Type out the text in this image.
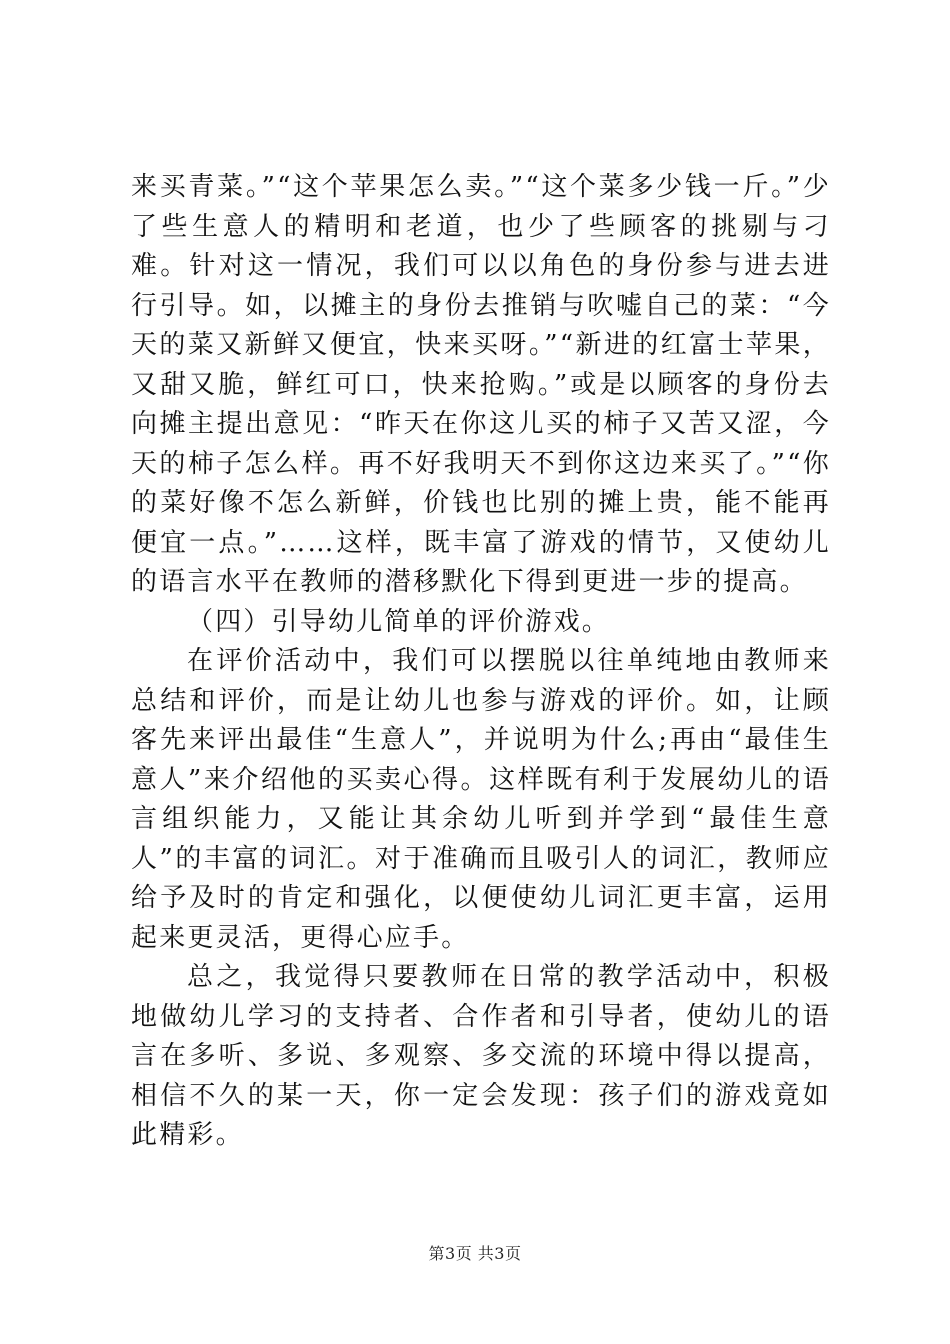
来买青菜。”“这个苹果怎么卖。”“这个菜多少钱一斤。”少了些生意人的精明和老道，也少了些顾客的挑剔与刁难。针对这一情况，我们可以以角色的身份参与进去进行引导。如，以摊主的身份去推销与吹嘘自己的菜：“今天的菜又新鲜又便宜，快来买呀。”“新进的红富士苹果，又甜又脆，鲜红可口，快来抢购。”或是以顾客的身份去向摊主提出意见：“昨天在你这儿买的柿子又苦又涩，今天的柿子怎么样。再不好我明天不到你这边来买了。”“你的菜好像不怎么新鲜，价钱也比别的摊上贵，能不能再便宜一点。”……这样，既丰富了游戏的情节，又使幼儿的语言水平在教师的潜移默化下得到更进一步的提高。

（四）引导幼儿简单的评价游戏。

在评价活动中，我们可以摆脱以往单纯地由教师来总结和评价，而是让幼儿也参与游戏的评价。如，让顾客先来评出最佳“生意人”，并说明为什么;再由“最佳生意人”来介绍他的买卖心得。这样既有利于发展幼儿的语言组织能力，又能让其余幼儿听到并学到“最佳生意人”的丰富的词汇。对于准确而且吸引人的词汇，教师应给予及时的肯定和强化，以便使幼儿词汇更丰富，运用起来更灵活，更得心应手。

总之，我觉得只要教师在日常的教学活动中，积极地做幼儿学习的支持者、合作者和引导者，使幼儿的语言在多听、多说、多观察、多交流的环境中得以提高，相信不久的某一天，你一定会发现：孩子们的游戏竟如此精彩。

第3页 共3页
